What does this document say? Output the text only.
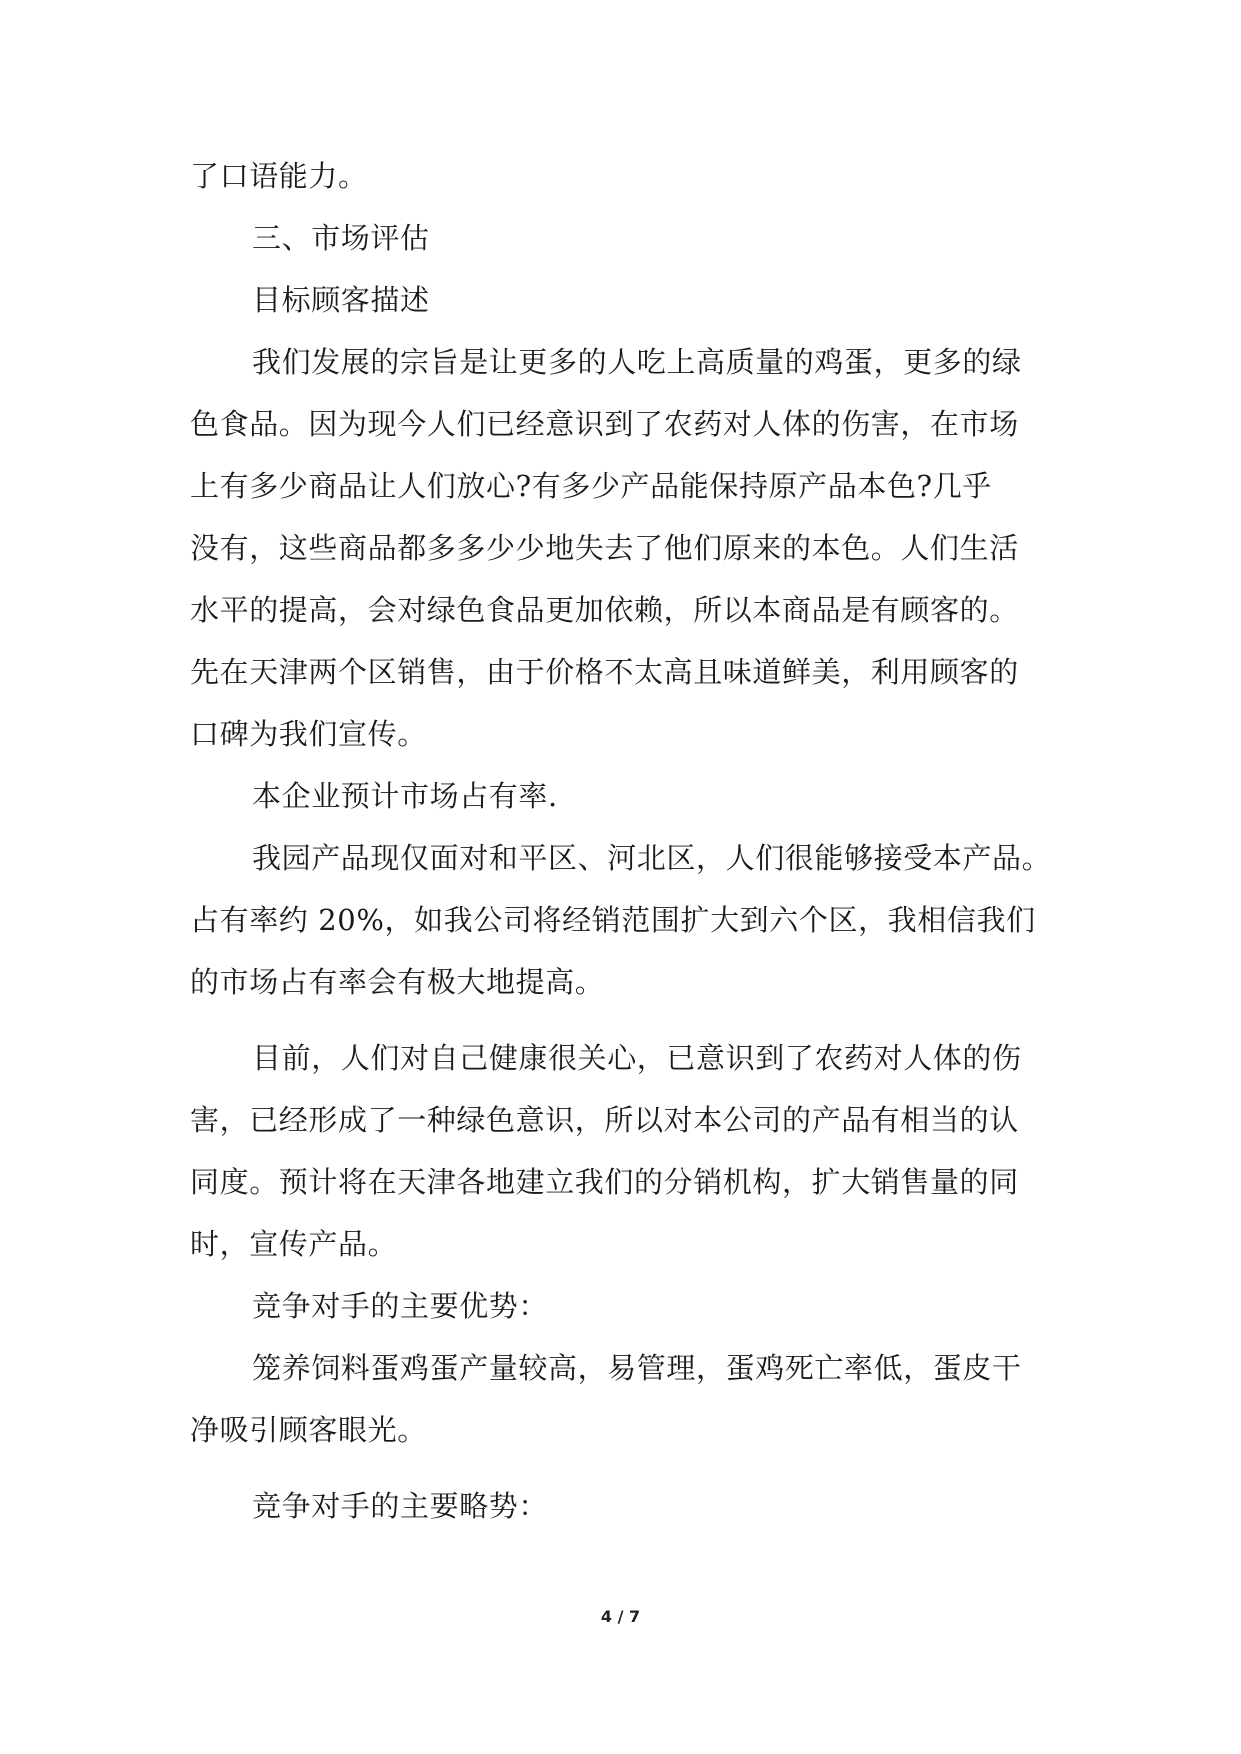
了口语能力。
三、市场评估
目标顾客描述
我们发展的宗旨是让更多的人吃上高质量的鸡蛋，更多的绿
色食品。因为现今人们已经意识到了农药对人体的伤害，在市场
上有多少商品让人们放心?有多少产品能保持原产品本色?几乎
没有，这些商品都多多少少地失去了他们原来的本色。人们生活
水平的提高，会对绿色食品更加依赖，所以本商品是有顾客的。
先在天津两个区销售，由于价格不太高且味道鲜美，利用顾客的
口碑为我们宣传。
本企业预计市场占有率.
我园产品现仅面对和平区、河北区，人们很能够接受本产品。
占有率约 20%，如我公司将经销范围扩大到六个区，我相信我们
的市场占有率会有极大地提高。
目前，人们对自己健康很关心，已意识到了农药对人体的伤
害，已经形成了一种绿色意识，所以对本公司的产品有相当的认
同度。预计将在天津各地建立我们的分销机构，扩大销售量的同
时，宣传产品。
竞争对手的主要优势：
笼养饲料蛋鸡蛋产量较高，易管理，蛋鸡死亡率低，蛋皮干
净吸引顾客眼光。
竞争对手的主要略势：
4 / 7
